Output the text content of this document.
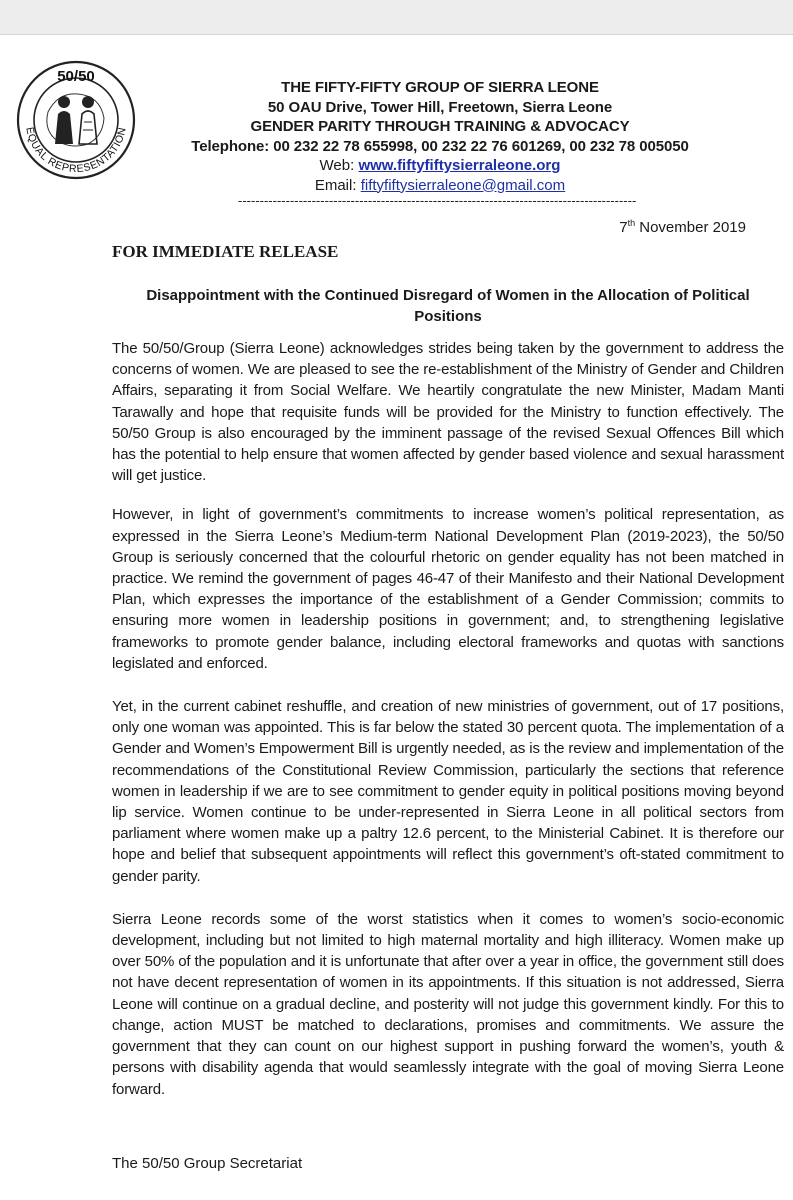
50/50
EQUAL REPRESENTATION
THE FIFTY-FIFTY GROUP OF SIERRA LEONE
50 OAU Drive, Tower Hill, Freetown, Sierra Leone
GENDER PARITY THROUGH TRAINING & ADVOCACY
Telephone: 00 232 22 78 655998, 00 232 22 76 601269, 00 232 78 005050
Web: www.fiftyfiftysierraleone.org
Email: fiftyfiftysierraleone@gmail.com
--------------------------------------------------------------------------------------------
7th November 2019
FOR IMMEDIATE RELEASE
Disappointment with the Continued Disregard of Women in the Allocation of Political Positions

The 50/50/Group (Sierra Leone) acknowledges strides being taken by the government to address the concerns of women. We are pleased to see the re-establishment of the Ministry of Gender and Children Affairs, separating it from Social Welfare. We heartily congratulate the new Minister, Madam Manti Tarawally and hope that requisite funds will be provided for the Ministry to function effectively. The 50/50 Group is also encouraged by the imminent passage of the revised Sexual Offences Bill which has the potential to help ensure that women affected by gender based violence and sexual harassment will get justice.

However, in light of government’s commitments to increase women’s political representation, as expressed in the Sierra Leone’s Medium-term National Development Plan (2019-2023), the 50/50 Group is seriously concerned that the colourful rhetoric on gender equality has not been matched in practice. We remind the government of pages 46-47 of their Manifesto and their National Development Plan, which expresses the importance of the establishment of a Gender Commission; commits to ensuring more women in leadership positions in government; and, to strengthening legislative frameworks to promote gender balance, including electoral frameworks and quotas with sanctions legislated and enforced.

Yet, in the current cabinet reshuffle, and creation of new ministries of government, out of 17 positions, only one woman was appointed. This is far below the stated 30 percent quota. The implementation of a Gender and Women’s Empowerment Bill is urgently needed, as is the review and implementation of the recommendations of the Constitutional Review Commission, particularly the sections that reference women in leadership if we are to see commitment to gender equity in political positions moving beyond lip service. Women continue to be under-represented in Sierra Leone in all political sectors from parliament where women make up a paltry 12.6 percent, to the Ministerial Cabinet. It is therefore our hope and belief that subsequent appointments will reflect this government’s oft-stated commitment to gender parity.

Sierra Leone records some of the worst statistics when it comes to women’s socio-economic development, including but not limited to high maternal mortality and high illiteracy. Women make up over 50% of the population and it is unfortunate that after over a year in office, the government still does not have decent representation of women in its appointments. If this situation is not addressed, Sierra Leone will continue on a gradual decline, and posterity will not judge this government kindly. For this to change, action MUST be matched to declarations, promises and commitments. We assure the government that they can count on our highest support in pushing forward the women’s, youth & persons with disability agenda that would seamlessly integrate with the goal of moving Sierra Leone forward.

The 50/50 Group Secretariat
